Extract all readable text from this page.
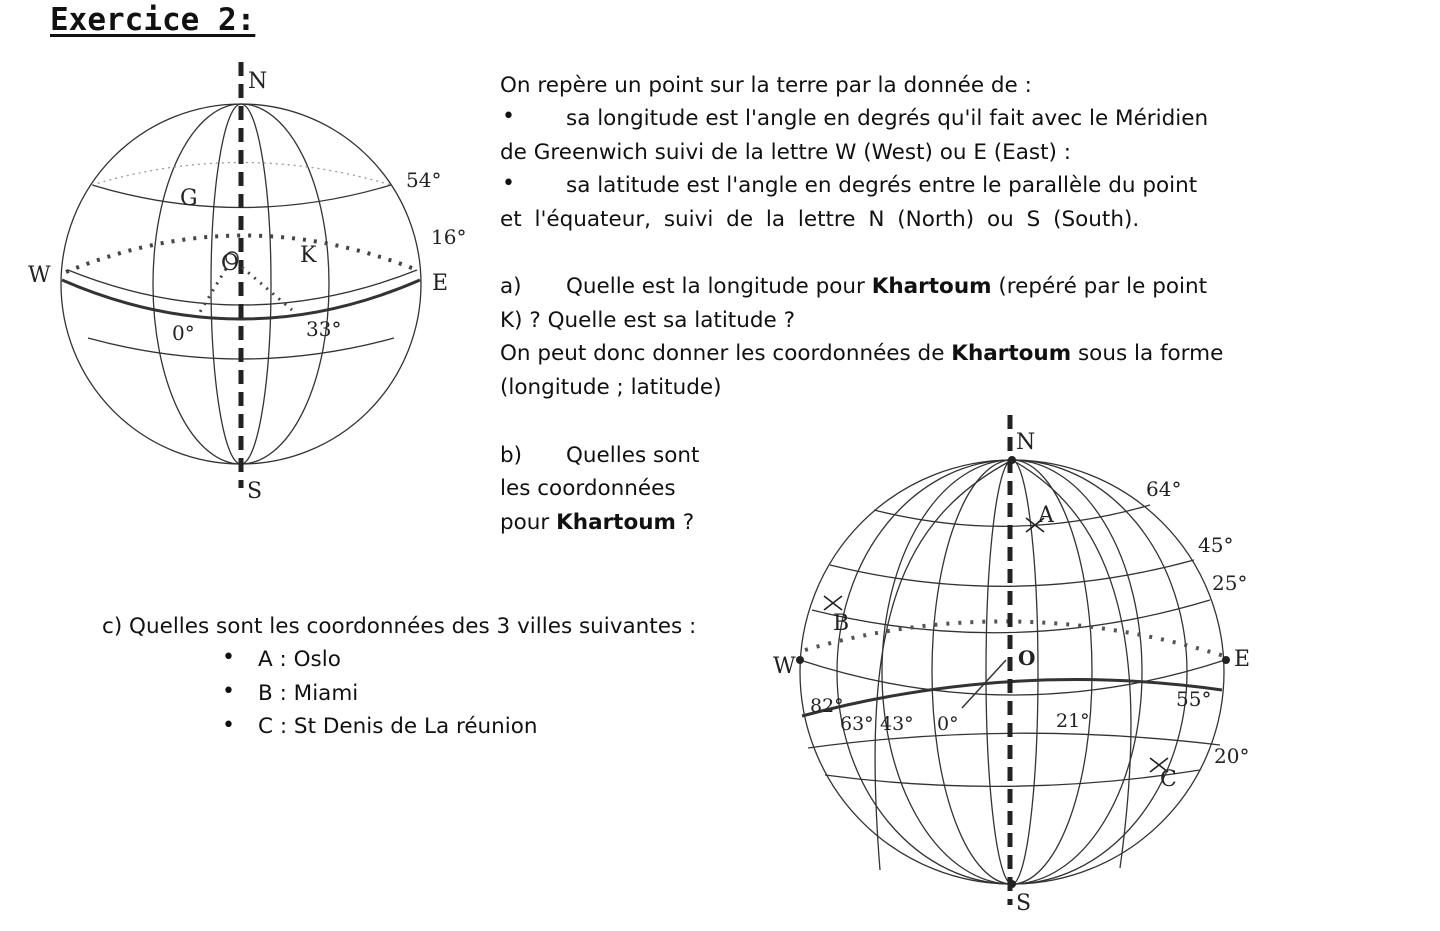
Exercice 2:
On repère un point sur la terre par la donnée de :
• sa longitude est l'angle en degrés qu'il fait avec le Méridien
de Greenwich suivi de la lettre W (West) ou E (East) :
• sa latitude est l'angle en degrés entre le parallèle du point
et l'équateur, suivi de la lettre N (North) ou S (South).
a) Quelle est la longitude pour Khartoum (repéré par le point
K) ? Quelle est sa latitude ?
On peut donc donner les coordonnées de Khartoum sous la forme
(longitude ; latitude)
b) Quelles sont
les coordonnées
pour Khartoum ?
c) Quelles sont les coordonnées des 3 villes suivantes :
• A : Oslo
• B : Miami
• C : St Denis de La réunion
N
S
W	E
G
O	K
54°
16°
0°	33°
N
S
W	E
O
A
B
C
64°
45°
25°
55°
20°
82°
63° 43° 0°	21°
